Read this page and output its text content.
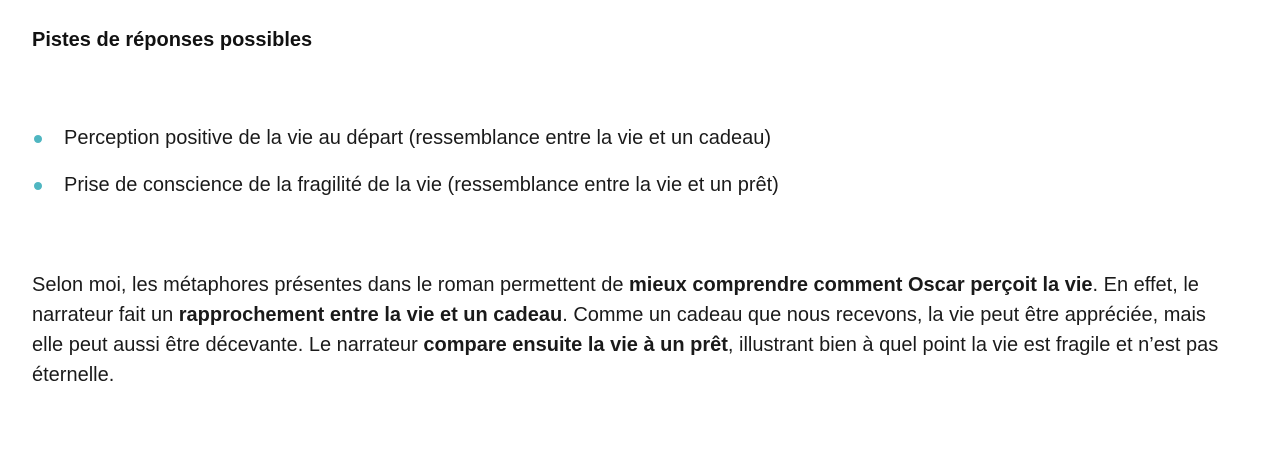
Pistes de réponses possibles
Perception positive de la vie au départ (ressemblance entre la vie et un cadeau)
Prise de conscience de la fragilité de la vie (ressemblance entre la vie et un prêt)

Selon moi, les métaphores présentes dans le roman permettent de mieux comprendre comment Oscar perçoit la vie. En effet, le narrateur fait un rapprochement entre la vie et un cadeau. Comme un cadeau que nous recevons, la vie peut être appréciée, mais elle peut aussi être décevante. Le narrateur compare ensuite la vie à un prêt, illustrant bien à quel point la vie est fragile et n’est pas éternelle.
